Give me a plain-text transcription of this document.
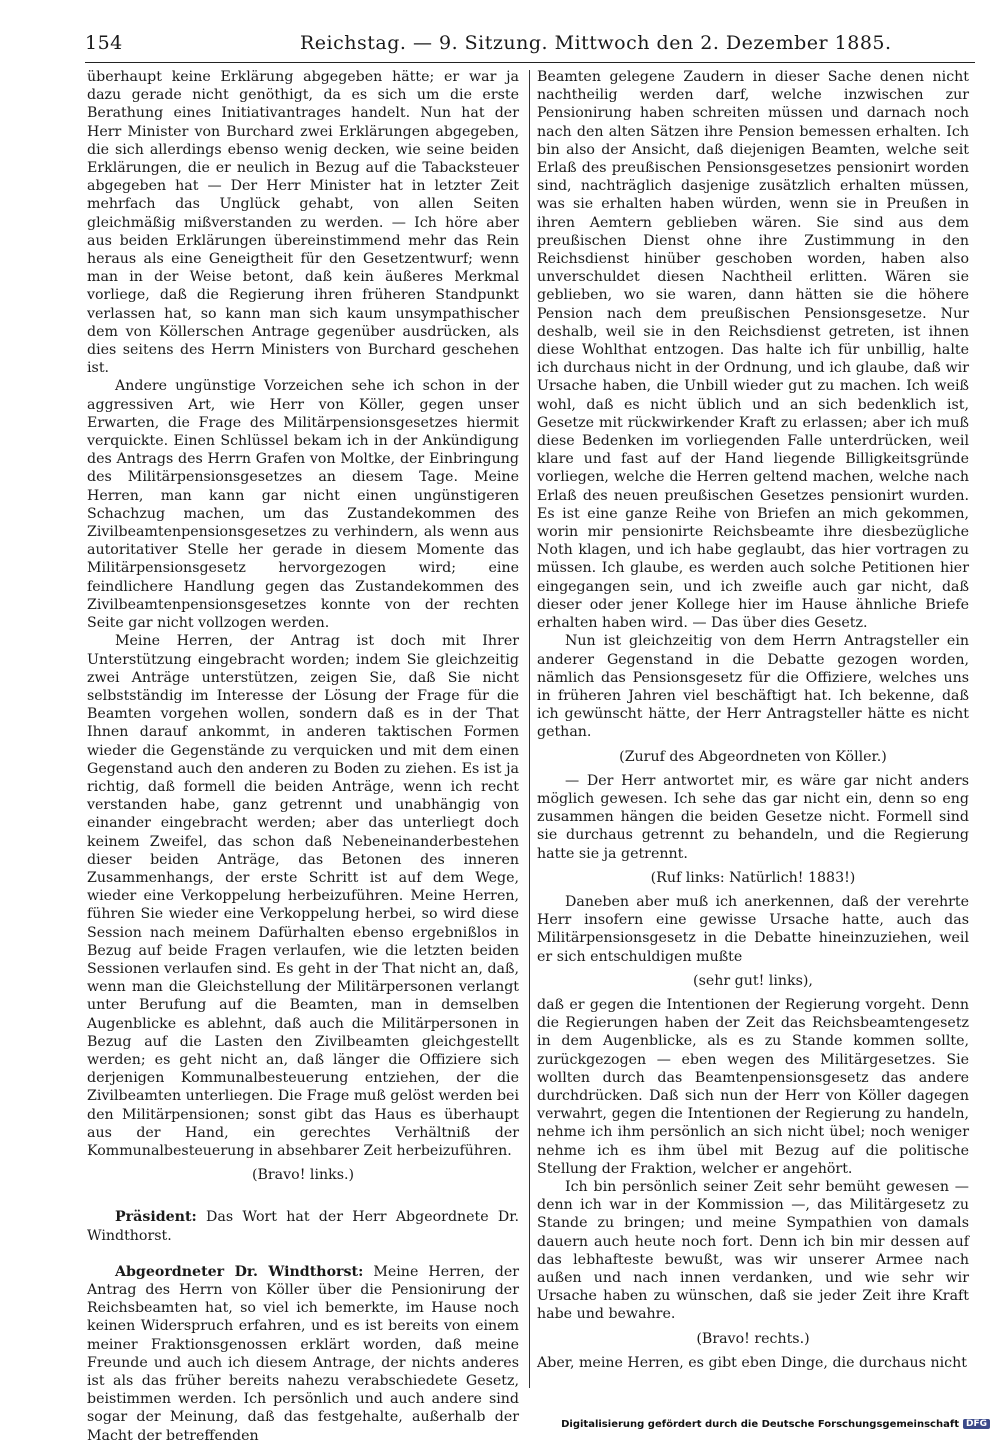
154	Reichstag. — 9. Sitzung. Mittwoch den 2. Dezember 1885.

überhaupt keine Erklärung abgegeben hätte; er war ja dazu gerade nicht genöthigt, da es sich um die erste Berathung eines Initiativantrages handelt. Nun hat der Herr Minister von Burchard zwei Erklärungen abgegeben, die sich allerdings ebenso wenig decken, wie seine beiden Erklärungen, die er neulich in Bezug auf die Tabacksteuer abgegeben hat — Der Herr Minister hat in letzter Zeit mehrfach das Unglück gehabt, von allen Seiten gleichmäßig mißverstanden zu werden. — Ich höre aber aus beiden Erklärungen übereinstimmend mehr das Rein heraus als eine Geneigtheit für den Gesetzentwurf; wenn man in der Weise betont, daß kein äußeres Merkmal vorliege, daß die Regierung ihren früheren Standpunkt verlassen hat, so kann man sich kaum unsympathischer dem von Köllerschen Antrage gegenüber ausdrücken, als dies seitens des Herrn Ministers von Burchard geschehen ist.

Andere ungünstige Vorzeichen sehe ich schon in der aggressiven Art, wie Herr von Köller, gegen unser Erwarten, die Frage des Militärpensionsgesetzes hiermit verquickte. Einen Schlüssel bekam ich in der Ankündigung des Antrags des Herrn Grafen von Moltke, der Einbringung des Militärpensionsgesetzes an diesem Tage. Meine Herren, man kann gar nicht einen ungünstigeren Schachzug machen, um das Zustandekommen des Zivilbeamtenpensionsgesetzes zu verhindern, als wenn aus autoritativer Stelle her gerade in diesem Momente das Militärpensionsgesetz hervorgezogen wird; eine feindlichere Handlung gegen das Zustandekommen des Zivilbeamtenpensionsgesetzes konnte von der rechten Seite gar nicht vollzogen werden.

Meine Herren, der Antrag ist doch mit Ihrer Unterstützung eingebracht worden; indem Sie gleichzeitig zwei Anträge unterstützen, zeigen Sie, daß Sie nicht selbstständig im Interesse der Lösung der Frage für die Beamten vorgehen wollen, sondern daß es in der That Ihnen darauf ankommt, in anderen taktischen Formen wieder die Gegenstände zu verquicken und mit dem einen Gegenstand auch den anderen zu Boden zu ziehen. Es ist ja richtig, daß formell die beiden Anträge, wenn ich recht verstanden habe, ganz getrennt und unabhängig von einander eingebracht werden; aber das unterliegt doch keinem Zweifel, das schon daß Nebeneinanderbestehen dieser beiden Anträge, das Betonen des inneren Zusammenhangs, der erste Schritt ist auf dem Wege, wieder eine Verkoppelung herbeizuführen. Meine Herren, führen Sie wieder eine Verkoppelung herbei, so wird diese Session nach meinem Dafürhalten ebenso ergebnißlos in Bezug auf beide Fragen verlaufen, wie die letzten beiden Sessionen verlaufen sind. Es geht in der That nicht an, daß, wenn man die Gleichstellung der Militärpersonen verlangt unter Berufung auf die Beamten, man in demselben Augenblicke es ablehnt, daß auch die Militärpersonen in Bezug auf die Lasten den Zivilbeamten gleichgestellt werden; es geht nicht an, daß länger die Offiziere sich derjenigen Kommunalbesteuerung entziehen, der die Zivilbeamten unterliegen. Die Frage muß gelöst werden bei den Militärpensionen; sonst gibt das Haus es überhaupt aus der Hand, ein gerechtes Verhältniß der Kommunalbesteuerung in absehbarer Zeit herbeizuführen.

(Bravo! links.)

Präsident: Das Wort hat der Herr Abgeordnete Dr. Windthorst.

Abgeordneter Dr. Windthorst: Meine Herren, der Antrag des Herrn von Köller über die Pensionirung der Reichsbeamten hat, so viel ich bemerkte, im Hause noch keinen Widerspruch erfahren, und es ist bereits von einem meiner Fraktionsgenossen erklärt worden, daß meine Freunde und auch ich diesem Antrage, der nichts anderes ist als das früher bereits nahezu verabschiedete Gesetz, beistimmen werden. Ich persönlich und auch andere sind sogar der Meinung, daß das festgehalte, außerhalb der Macht der betreffenden

Beamten gelegene Zaudern in dieser Sache denen nicht nachtheilig werden darf, welche inzwischen zur Pensionirung haben schreiten müssen und darnach noch nach den alten Sätzen ihre Pension bemessen erhalten. Ich bin also der Ansicht, daß diejenigen Beamten, welche seit Erlaß des preußischen Pensionsgesetzes pensionirt worden sind, nachträglich dasjenige zusätzlich erhalten müssen, was sie erhalten haben würden, wenn sie in Preußen in ihren Aemtern geblieben wären. Sie sind aus dem preußischen Dienst ohne ihre Zustimmung in den Reichsdienst hinüber geschoben worden, haben also unverschuldet diesen Nachtheil erlitten. Wären sie geblieben, wo sie waren, dann hätten sie die höhere Pension nach dem preußischen Pensionsgesetze. Nur deshalb, weil sie in den Reichsdienst getreten, ist ihnen diese Wohlthat entzogen. Das halte ich für unbillig, halte ich durchaus nicht in der Ordnung, und ich glaube, daß wir Ursache haben, die Unbill wieder gut zu machen. Ich weiß wohl, daß es nicht üblich und an sich bedenklich ist, Gesetze mit rückwirkender Kraft zu erlassen; aber ich muß diese Bedenken im vorliegenden Falle unterdrücken, weil klare und fast auf der Hand liegende Billigkeitsgründe vorliegen, welche die Herren geltend machen, welche nach Erlaß des neuen preußischen Gesetzes pensionirt wurden. Es ist eine ganze Reihe von Briefen an mich gekommen, worin mir pensionirte Reichsbeamte ihre diesbezügliche Noth klagen, und ich habe geglaubt, das hier vortragen zu müssen. Ich glaube, es werden auch solche Petitionen hier eingegangen sein, und ich zweifle auch gar nicht, daß dieser oder jener Kollege hier im Hause ähnliche Briefe erhalten haben wird. — Das über dies Gesetz.

Nun ist gleichzeitig von dem Herrn Antragsteller ein anderer Gegenstand in die Debatte gezogen worden, nämlich das Pensionsgesetz für die Offiziere, welches uns in früheren Jahren viel beschäftigt hat. Ich bekenne, daß ich gewünscht hätte, der Herr Antragsteller hätte es nicht gethan.

(Zuruf des Abgeordneten von Köller.)

— Der Herr antwortet mir, es wäre gar nicht anders möglich gewesen. Ich sehe das gar nicht ein, denn so eng zusammen hängen die beiden Gesetze nicht. Formell sind sie durchaus getrennt zu behandeln, und die Regierung hatte sie ja getrennt.

(Ruf links: Natürlich! 1883!)

Daneben aber muß ich anerkennen, daß der verehrte Herr insofern eine gewisse Ursache hatte, auch das Militärpensionsgesetz in die Debatte hineinzuziehen, weil er sich entschuldigen mußte

(sehr gut! links),

daß er gegen die Intentionen der Regierung vorgeht. Denn die Regierungen haben der Zeit das Reichsbeamtengesetz in dem Augenblicke, als es zu Stande kommen sollte, zurückgezogen — eben wegen des Militärgesetzes. Sie wollten durch das Beamtenpensionsgesetz das andere durchdrücken. Daß sich nun der Herr von Köller dagegen verwahrt, gegen die Intentionen der Regierung zu handeln, nehme ich ihm persönlich an sich nicht übel; noch weniger nehme ich es ihm übel mit Bezug auf die politische Stellung der Fraktion, welcher er angehört.

Ich bin persönlich seiner Zeit sehr bemüht gewesen — denn ich war in der Kommission —, das Militärgesetz zu Stande zu bringen; und meine Sympathien von damals dauern auch heute noch fort. Denn ich bin mir dessen auf das lebhafteste bewußt, was wir unserer Armee nach außen und nach innen verdanken, und wie sehr wir Ursache haben zu wünschen, daß sie jeder Zeit ihre Kraft habe und bewahre.

(Bravo! rechts.)

Aber, meine Herren, es gibt eben Dinge, die durchaus nicht

Digitalisierung gefördert durch die Deutsche Forschungsgemeinschaft DFG
